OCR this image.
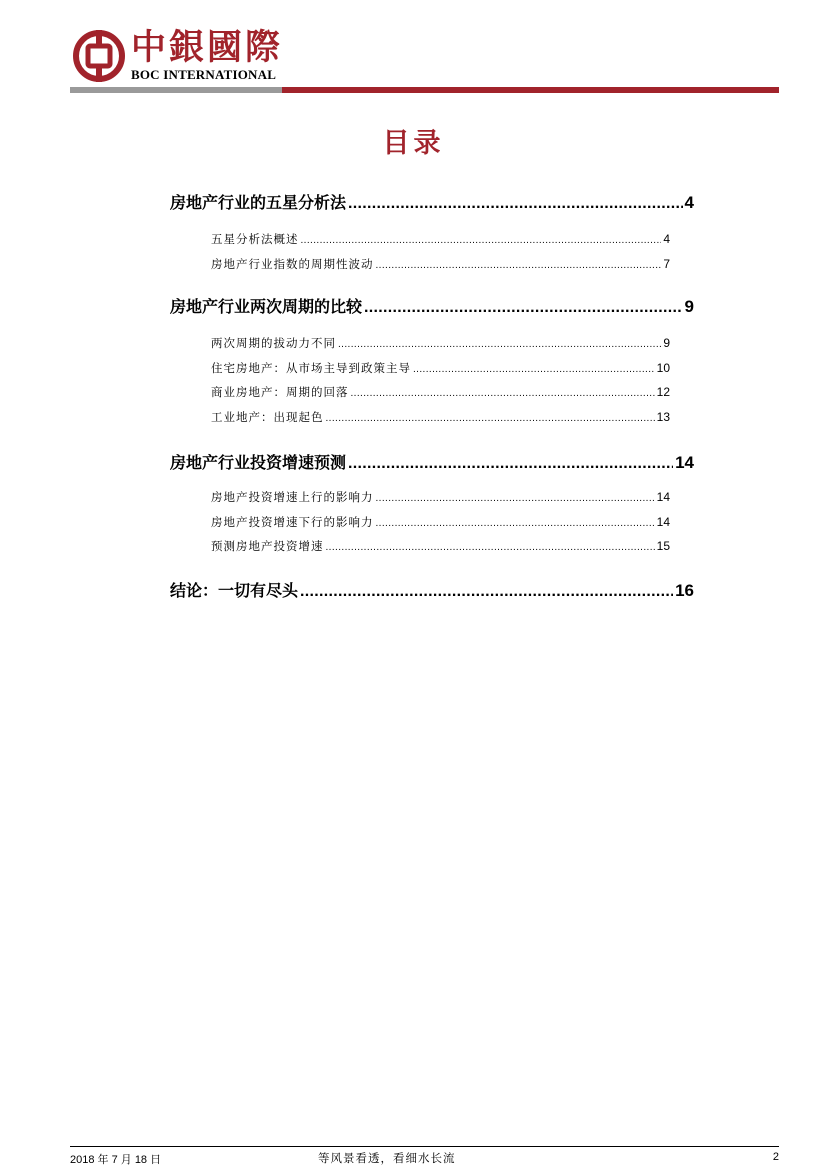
中銀國際
BOC INTERNATIONAL
目录
房地产行业的五星分析法 .....	4
五星分析法概述 .....	4
房地产行业指数的周期性波动 .....	7
房地产行业两次周期的比较 .....	9
两次周期的拔动力不同 .....	9
住宅房地产：从市场主导到政策主导 .....	10
商业房地产：周期的回落 .....	12
工业地产：出现起色 .....	13
房地产行业投资增速预测 .....	14
房地产投资增速上行的影响力 .....	14
房地产投资增速下行的影响力 .....	14
预测房地产投资增速 .....	15
结论：一切有尽头 .....	16
2018 年 7 月 18 日	等风景看透，看细水长流	2
